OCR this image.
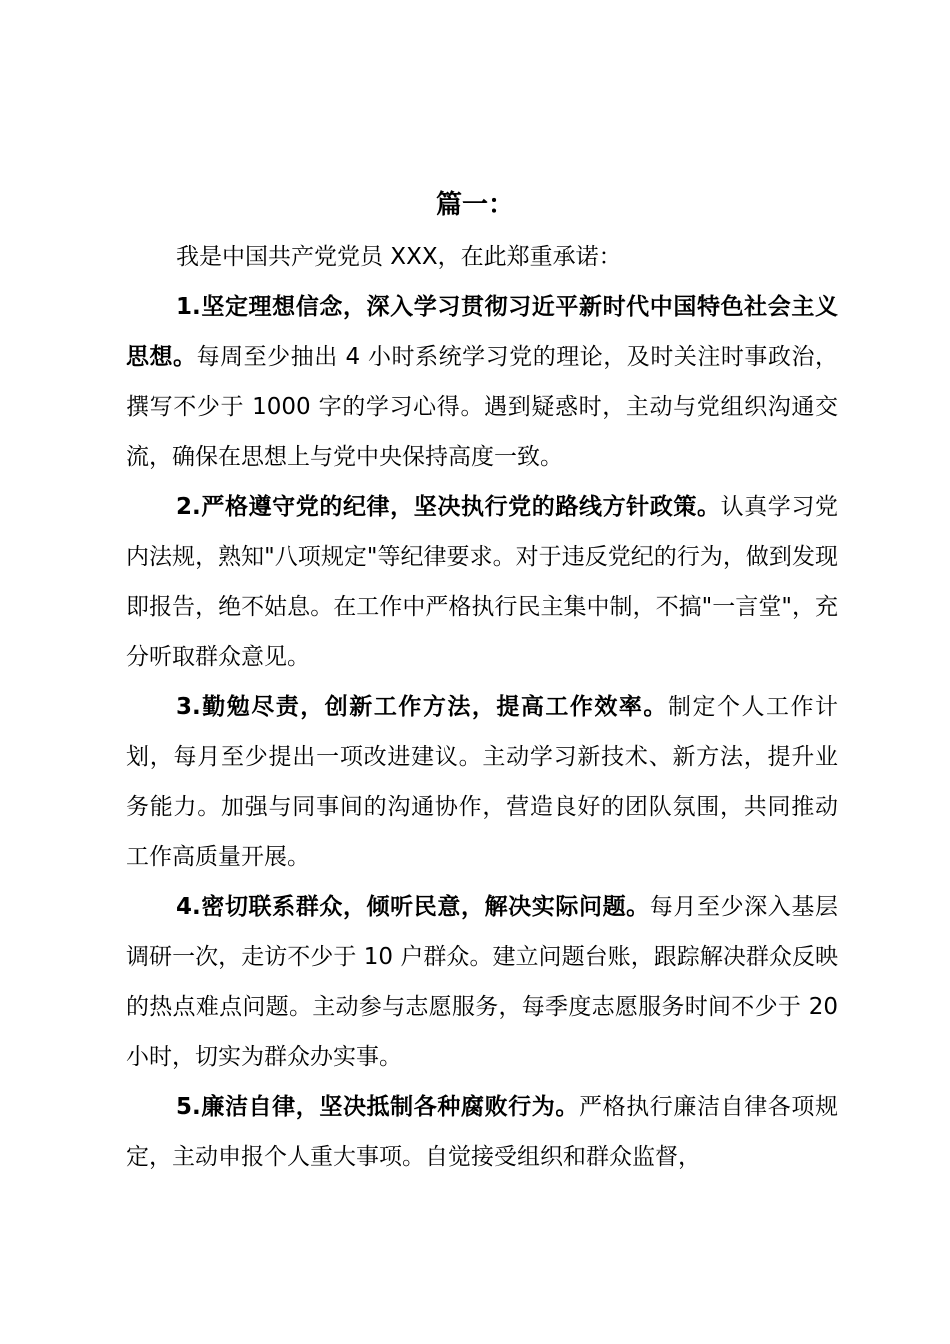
篇一：

我是中国共产党党员 XXX，在此郑重承诺：

1.坚定理想信念，深入学习贯彻习近平新时代中国特色社会主义思想。每周至少抽出 4 小时系统学习党的理论，及时关注时事政治，撰写不少于 1000 字的学习心得。遇到疑惑时，主动与党组织沟通交流，确保在思想上与党中央保持高度一致。

2.严格遵守党的纪律，坚决执行党的路线方针政策。认真学习党内法规，熟知"八项规定"等纪律要求。对于违反党纪的行为，做到发现即报告，绝不姑息。在工作中严格执行民主集中制，不搞"一言堂"，充分听取群众意见。

3.勤勉尽责，创新工作方法，提高工作效率。制定个人工作计划，每月至少提出一项改进建议。主动学习新技术、新方法，提升业务能力。加强与同事间的沟通协作，营造良好的团队氛围，共同推动工作高质量开展。

4.密切联系群众，倾听民意，解决实际问题。每月至少深入基层调研一次，走访不少于 10 户群众。建立问题台账，跟踪解决群众反映的热点难点问题。主动参与志愿服务，每季度志愿服务时间不少于 20 小时，切实为群众办实事。

5.廉洁自律，坚决抵制各种腐败行为。严格执行廉洁自律各项规定，主动申报个人重大事项。自觉接受组织和群众监督，
